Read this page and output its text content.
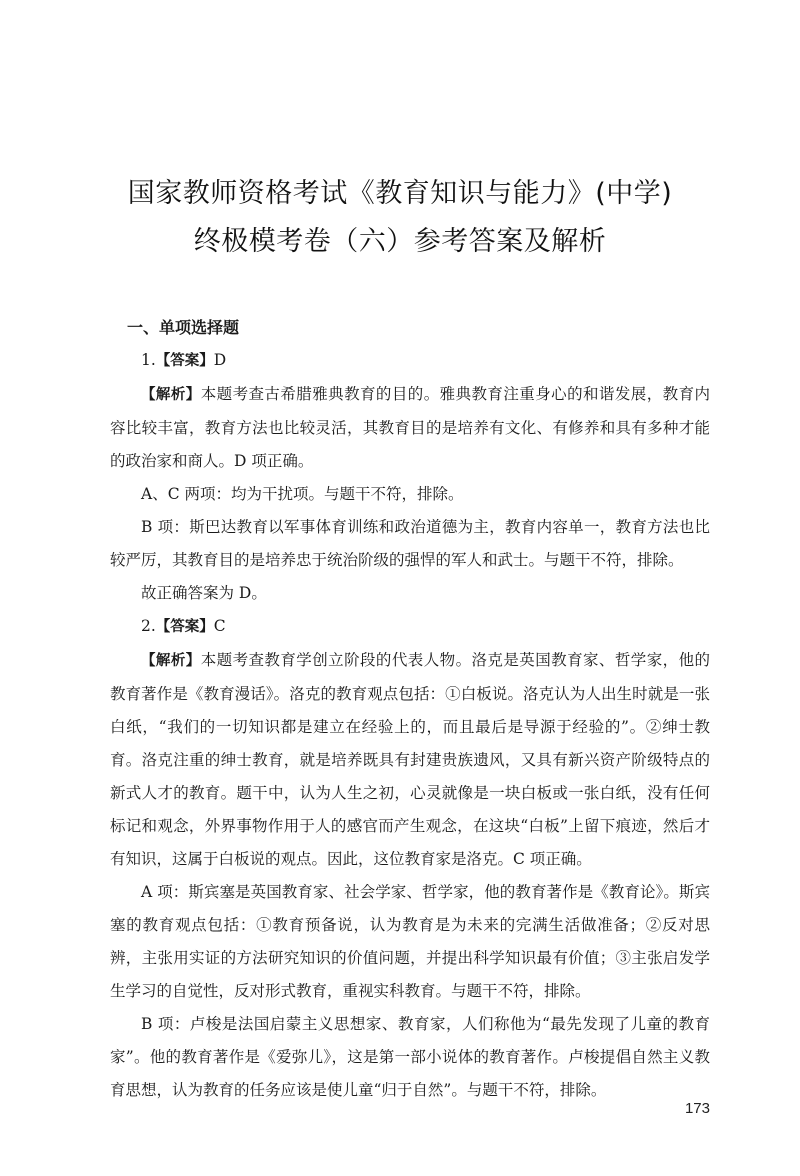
国家教师资格考试《教育知识与能力》(中学)
终极模考卷（六）参考答案及解析
一、单项选择题

1.【答案】D

【解析】本题考查古希腊雅典教育的目的。雅典教育注重身心的和谐发展，教育内容比较丰富，教育方法也比较灵活，其教育目的是培养有文化、有修养和具有多种才能的政治家和商人。D 项正确。

A、C 两项：均为干扰项。与题干不符，排除。

B 项：斯巴达教育以军事体育训练和政治道德为主，教育内容单一，教育方法也比较严厉，其教育目的是培养忠于统治阶级的强悍的军人和武士。与题干不符，排除。

故正确答案为 D。

2.【答案】C

【解析】本题考查教育学创立阶段的代表人物。洛克是英国教育家、哲学家，他的教育著作是《教育漫话》。洛克的教育观点包括：①白板说。洛克认为人出生时就是一张白纸，“我们的一切知识都是建立在经验上的，而且最后是导源于经验的”。②绅士教育。洛克注重的绅士教育，就是培养既具有封建贵族遗风，又具有新兴资产阶级特点的新式人才的教育。题干中，认为人生之初，心灵就像是一块白板或一张白纸，没有任何标记和观念，外界事物作用于人的感官而产生观念，在这块“白板”上留下痕迹，然后才有知识，这属于白板说的观点。因此，这位教育家是洛克。C 项正确。

A 项：斯宾塞是英国教育家、社会学家、哲学家，他的教育著作是《教育论》。斯宾塞的教育观点包括：①教育预备说，认为教育是为未来的完满生活做准备；②反对思辨，主张用实证的方法研究知识的价值问题，并提出科学知识最有价值；③主张启发学生学习的自觉性，反对形式教育，重视实科教育。与题干不符，排除。

B 项：卢梭是法国启蒙主义思想家、教育家，人们称他为“最先发现了儿童的教育家”。他的教育著作是《爱弥儿》，这是第一部小说体的教育著作。卢梭提倡自然主义教育思想，认为教育的任务应该是使儿童“归于自然”。与题干不符，排除。

173
